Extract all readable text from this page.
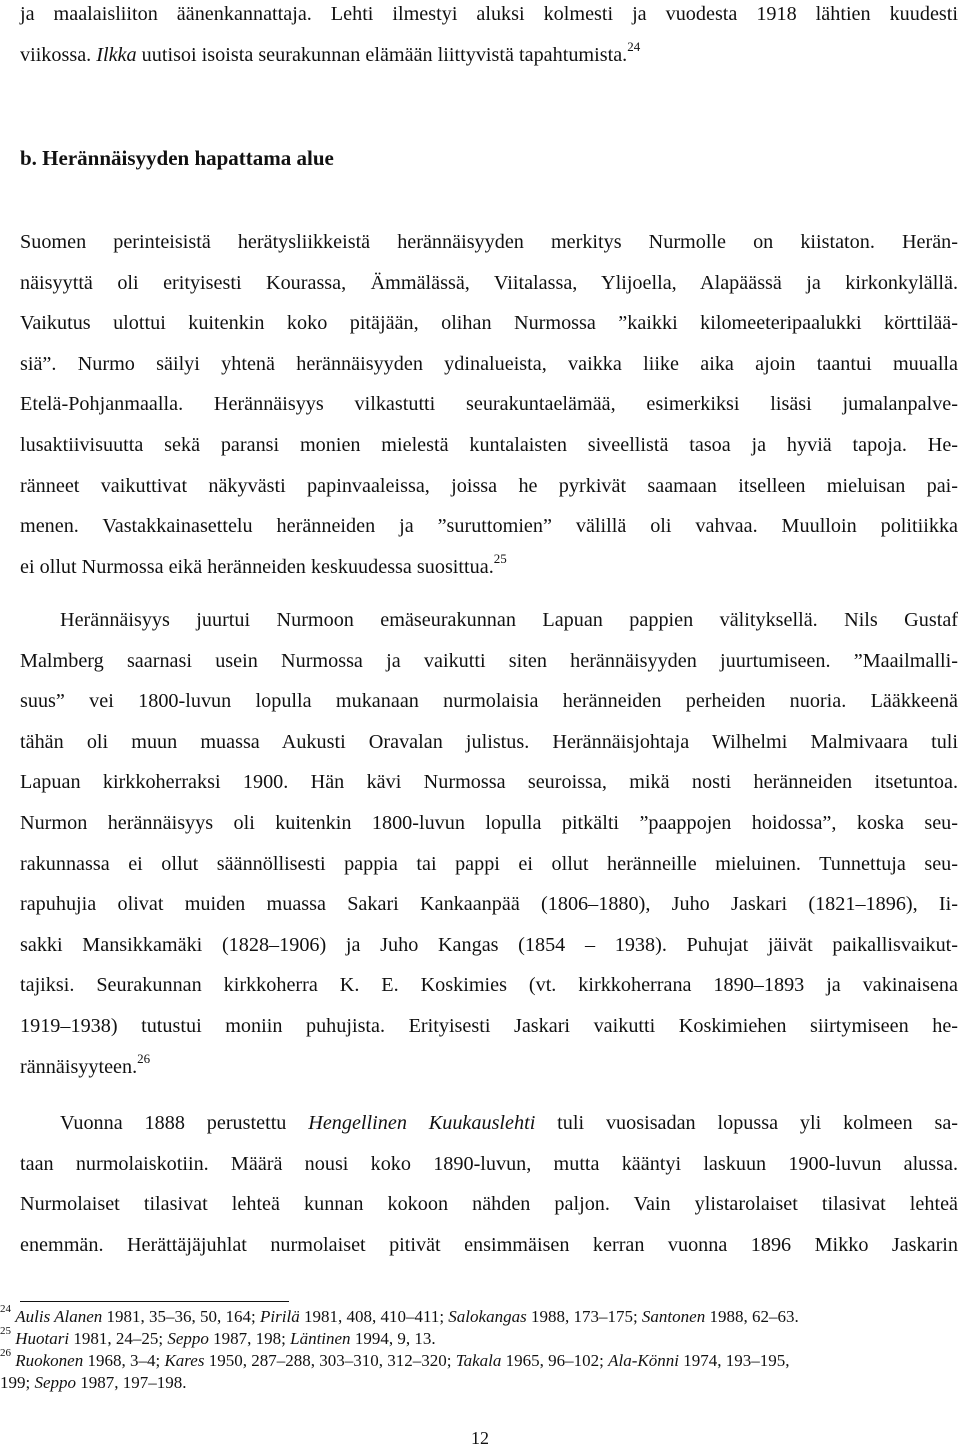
ja maalaisliiton äänenkannattaja. Lehti ilmestyi aluksi kolmesti ja vuodesta 1918 lähtien kuudesti
viikossa. Ilkka uutisoi isoista seurakunnan elämään liittyvistä tapahtumista.$^{24}$
b. Herännäisyyden hapattama alue
Suomen perinteisistä herätysliikkeistä herännäisyyden merkitys Nurmolle on kiistaton. Herän-
näisyyttä oli erityisesti Kourassa, Ämmälässä, Viitalassa, Ylijoella, Alapäässä ja kirkonkylällä.
Vaikutus ulottui kuitenkin koko pitäjään, olihan Nurmossa ”kaikki kilomeeteripaalukki körttilää-
siä”. Nurmo säilyi yhtenä herännäisyyden ydinalueista, vaikka liike aika ajoin taantui muualla
Etelä-Pohjanmaalla. Herännäisyys vilkastutti seurakuntaelämää, esimerkiksi lisäsi jumalanpalve-
lusaktiivisuutta sekä paransi monien mielestä kuntalaisten siveellistä tasoa ja hyviä tapoja. He-
ränneet vaikuttivat näkyvästi papinvaaleissa, joissa he pyrkivät saamaan itselleen mieluisan pai-
menen. Vastakkainasettelu heränneiden ja ”suruttomien” välillä oli vahvaa. Muulloin politiikka
ei ollut Nurmossa eikä heränneiden keskuudessa suosittua.$^{25}$
Herännäisyys juurtui Nurmoon emäseurakunnan Lapuan pappien välityksellä. Nils Gustaf
Malmberg saarnasi usein Nurmossa ja vaikutti siten herännäisyyden juurtumiseen. ”Maailmalli-
suus” vei 1800-luvun lopulla mukanaan nurmolaisia heränneiden perheiden nuoria. Lääkkeenä
tähän oli muun muassa Aukusti Oravalan julistus. Herännäisjohtaja Wilhelmi Malmivaara tuli
Lapuan kirkkoherraksi 1900. Hän kävi Nurmossa seuroissa, mikä nosti heränneiden itsetuntoa.
Nurmon herännäisyys oli kuitenkin 1800-luvun lopulla pitkälti ”paappojen hoidossa”, koska seu-
rakunnassa ei ollut säännöllisesti pappia tai pappi ei ollut heränneille mieluinen. Tunnettuja seu-
rapuhujia olivat muiden muassa Sakari Kankaanpää (1806–1880), Juho Jaskari (1821–1896), Ii-
sakki Mansikkamäki (1828–1906) ja Juho Kangas (1854 – 1938). Puhujat jäivät paikallisvaikut-
tajiksi. Seurakunnan kirkkoherra K. E. Koskimies (vt. kirkkoherrana 1890–1893 ja vakinaisena
1919–1938) tutustui moniin puhujista. Erityisesti Jaskari vaikutti Koskimiehen siirtymiseen he-
rännäisyyteen.$^{26}$
Vuonna 1888 perustettu Hengellinen Kuukauslehti tuli vuosisadan lopussa yli kolmeen sa-
taan nurmolaiskotiin. Määrä nousi koko 1890-luvun, mutta kääntyi laskuun 1900-luvun alussa.
Nurmolaiset tilasivat lehteä kunnan kokoon nähden paljon. Vain ylistarolaiset tilasivat lehteä
enemmän. Herättäjäjuhlat nurmolaiset pitivät ensimmäisen kerran vuonna 1896 Mikko Jaskarin

$^{24}$ Aulis Alanen 1981, 35–36, 50, 164; Pirilä 1981, 408, 410–411; Salokangas 1988, 173–175; Santonen 1988, 62–63.

$^{25}$ Huotari 1981, 24–25; Seppo 1987, 198; Läntinen 1994, 9, 13.

$^{26}$ Ruokonen 1968, 3–4; Kares 1950, 287–288, 303–310, 312–320; Takala 1965, 96–102; Ala-Könni 1974, 193–195,
199; Seppo 1987, 197–198.

12
